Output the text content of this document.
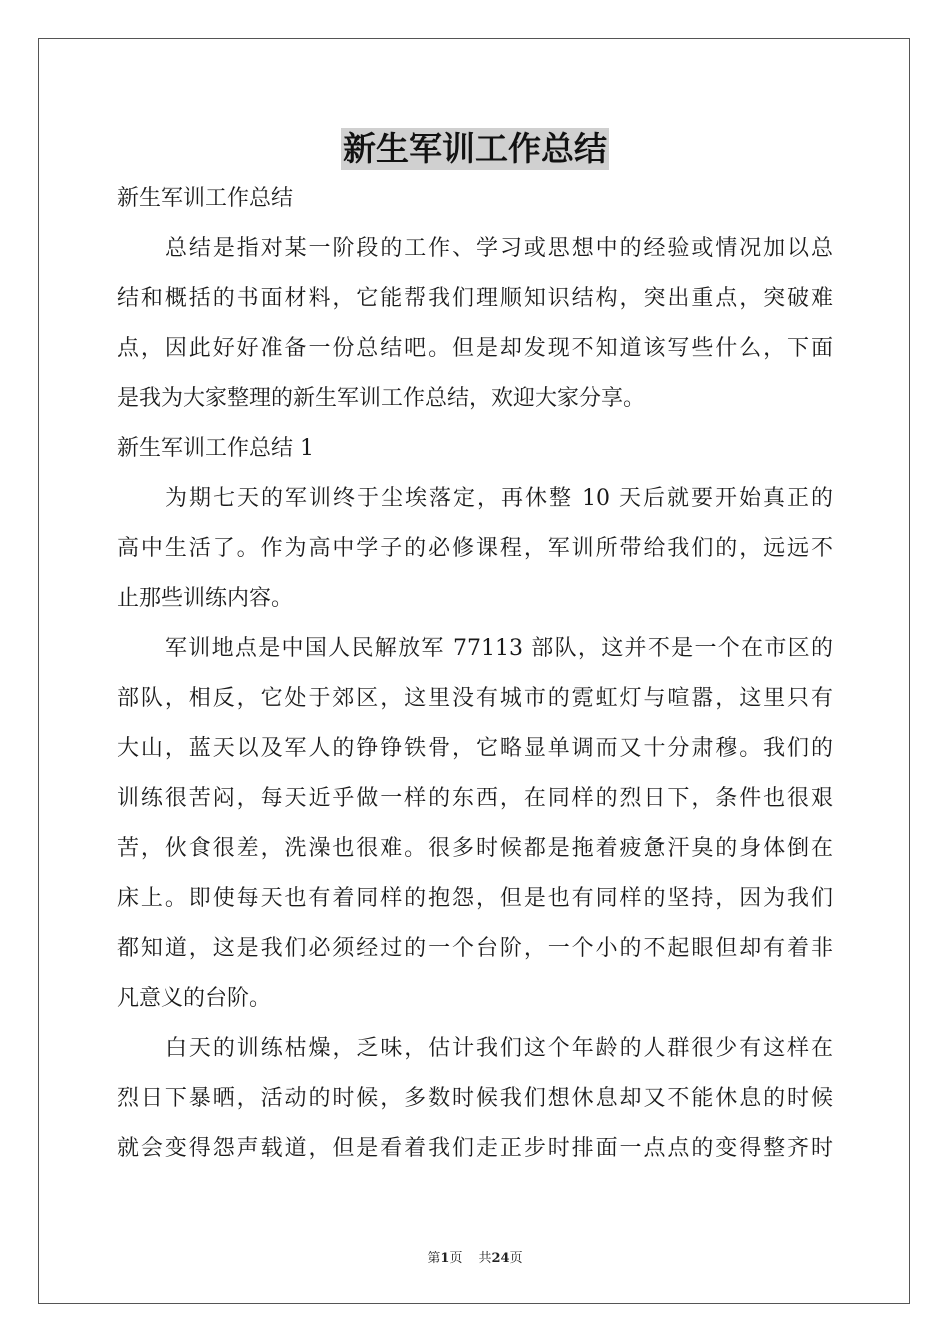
新生军训工作总结
新生军训工作总结
总结是指对某一阶段的工作、学习或思想中的经验或情况加以总
结和概括的书面材料，它能帮我们理顺知识结构，突出重点，突破难
点，因此好好准备一份总结吧。但是却发现不知道该写些什么，下面
是我为大家整理的新生军训工作总结，欢迎大家分享。
新生军训工作总结 1
为期七天的军训终于尘埃落定，再休整 10 天后就要开始真正的
高中生活了。作为高中学子的必修课程，军训所带给我们的，远远不
止那些训练内容。
军训地点是中国人民解放军 77113 部队，这并不是一个在市区的
部队，相反，它处于郊区，这里没有城市的霓虹灯与喧嚣，这里只有
大山，蓝天以及军人的铮铮铁骨，它略显单调而又十分肃穆。我们的
训练很苦闷，每天近乎做一样的东西，在同样的烈日下，条件也很艰
苦，伙食很差，洗澡也很难。很多时候都是拖着疲惫汗臭的身体倒在
床上。即使每天也有着同样的抱怨，但是也有同样的坚持，因为我们
都知道，这是我们必须经过的一个台阶，一个小的不起眼但却有着非
凡意义的台阶。
白天的训练枯燥，乏味，估计我们这个年龄的人群很少有这样在
烈日下暴晒，活动的时候，多数时候我们想休息却又不能休息的时候
就会变得怨声载道，但是看着我们走正步时排面一点点的变得整齐时
第1页 共24页
